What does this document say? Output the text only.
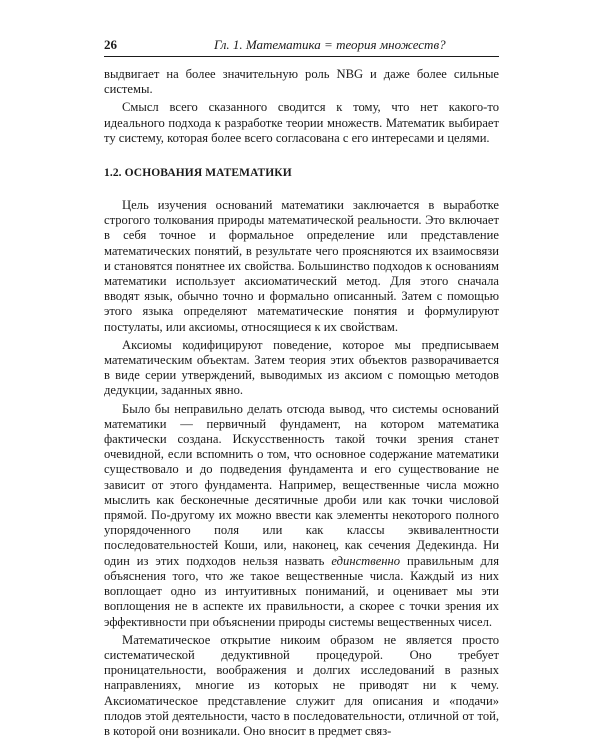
26	Гл. 1. Математика = теория множеств?

выдвигает на более значительную роль NBG и даже более сильные системы.

Смысл всего сказанного сводится к тому, что нет какого-то идеального подхода к разработке теории множеств. Математик выбирает ту систему, которая более всего согласована с его интересами и целями.

1.2. ОСНОВАНИЯ МАТЕМАТИКИ

Цель изучения оснований математики заключается в выработке строгого толкования природы математической реальности. Это включает в себя точное и формальное определение или представление математических понятий, в результате чего проясняются их взаимосвязи и становятся понятнее их свойства. Большинство подходов к основаниям математики использует аксиоматический метод. Для этого сначала вводят язык, обычно точно и формально описанный. Затем с помощью этого языка определяют математические понятия и формулируют постулаты, или аксиомы, относящиеся к их свойствам.

Аксиомы кодифицируют поведение, которое мы предписываем математическим объектам. Затем теория этих объектов разворачивается в виде серии утверждений, выводимых из аксиом с помощью методов дедукции, заданных явно.

Было бы неправильно делать отсюда вывод, что системы оснований математики — первичный фундамент, на котором математика фактически создана. Искусственность такой точки зрения станет очевидной, если вспомнить о том, что основное содержание математики существовало и до подведения фундамента и его существование не зависит от этого фундамента. Например, вещественные числа можно мыслить как бесконечные десятичные дроби или как точки числовой прямой. По-другому их можно ввести как элементы некоторого полного упорядоченного поля или как классы эквивалентности последовательностей Коши, или, наконец, как сечения Дедекинда. Ни один из этих подходов нельзя назвать единственно правильным для объяснения того, что же такое вещественные числа. Каждый из них воплощает одно из интуитивных пониманий, и оценивает мы эти воплощения не в аспекте их правильности, а скорее с точки зрения их эффективности при объяснении природы системы вещественных чисел.

Математическое открытие никоим образом не является просто систематической дедуктивной процедурой. Оно требует проницательности, воображения и долгих исследований в разных направлениях, многие из которых не приводят ни к чему. Аксиоматическое представление служит для описания и «подачи» плодов этой деятельности, часто в последовательности, отличной от той, в которой они возникали. Оно вносит в предмет связ-
